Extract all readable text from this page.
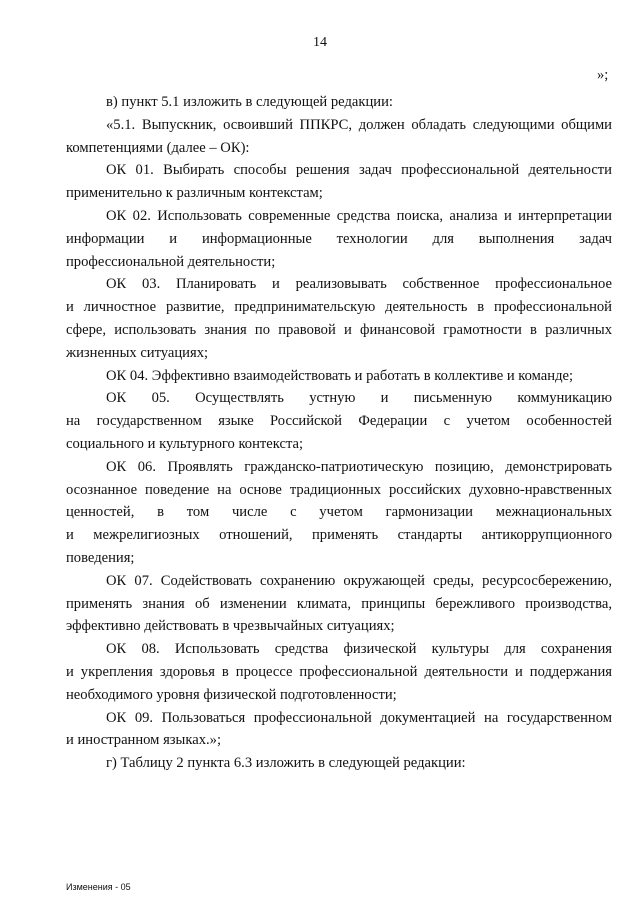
14
»;

в) пункт 5.1 изложить в следующей редакции:

«5.1. Выпускник, освоивший ППКРС, должен обладать следующими общими
компетенциями (далее – ОК):

ОК 01. Выбирать способы решения задач профессиональной деятельности
применительно к различным контекстам;

ОК 02. Использовать современные средства поиска, анализа и интерпретации
информации и информационные технологии для выполнения задач
профессиональной деятельности;

ОК 03. Планировать и реализовывать собственное профессиональное
и личностное развитие, предпринимательскую деятельность в профессиональной
сфере, использовать знания по правовой и финансовой грамотности в различных
жизненных ситуациях;

ОК 04. Эффективно взаимодействовать и работать в коллективе и команде;

ОК 05. Осуществлять устную и письменную коммуникацию
на государственном языке Российской Федерации с учетом особенностей
социального и культурного контекста;

ОК 06. Проявлять гражданско-патриотическую позицию, демонстрировать
осознанное поведение на основе традиционных российских духовно-нравственных
ценностей, в том числе с учетом гармонизации межнациональных
и межрелигиозных отношений, применять стандарты антикоррупционного
поведения;

ОК 07. Содействовать сохранению окружающей среды, ресурсосбережению,
применять знания об изменении климата, принципы бережливого производства,
эффективно действовать в чрезвычайных ситуациях;

ОК 08. Использовать средства физической культуры для сохранения
и укрепления здоровья в процессе профессиональной деятельности и поддержания
необходимого уровня физической подготовленности;

ОК 09. Пользоваться профессиональной документацией на государственном
и иностранном языках.»;

г) Таблицу 2 пункта 6.3 изложить в следующей редакции:

Изменения - 05
